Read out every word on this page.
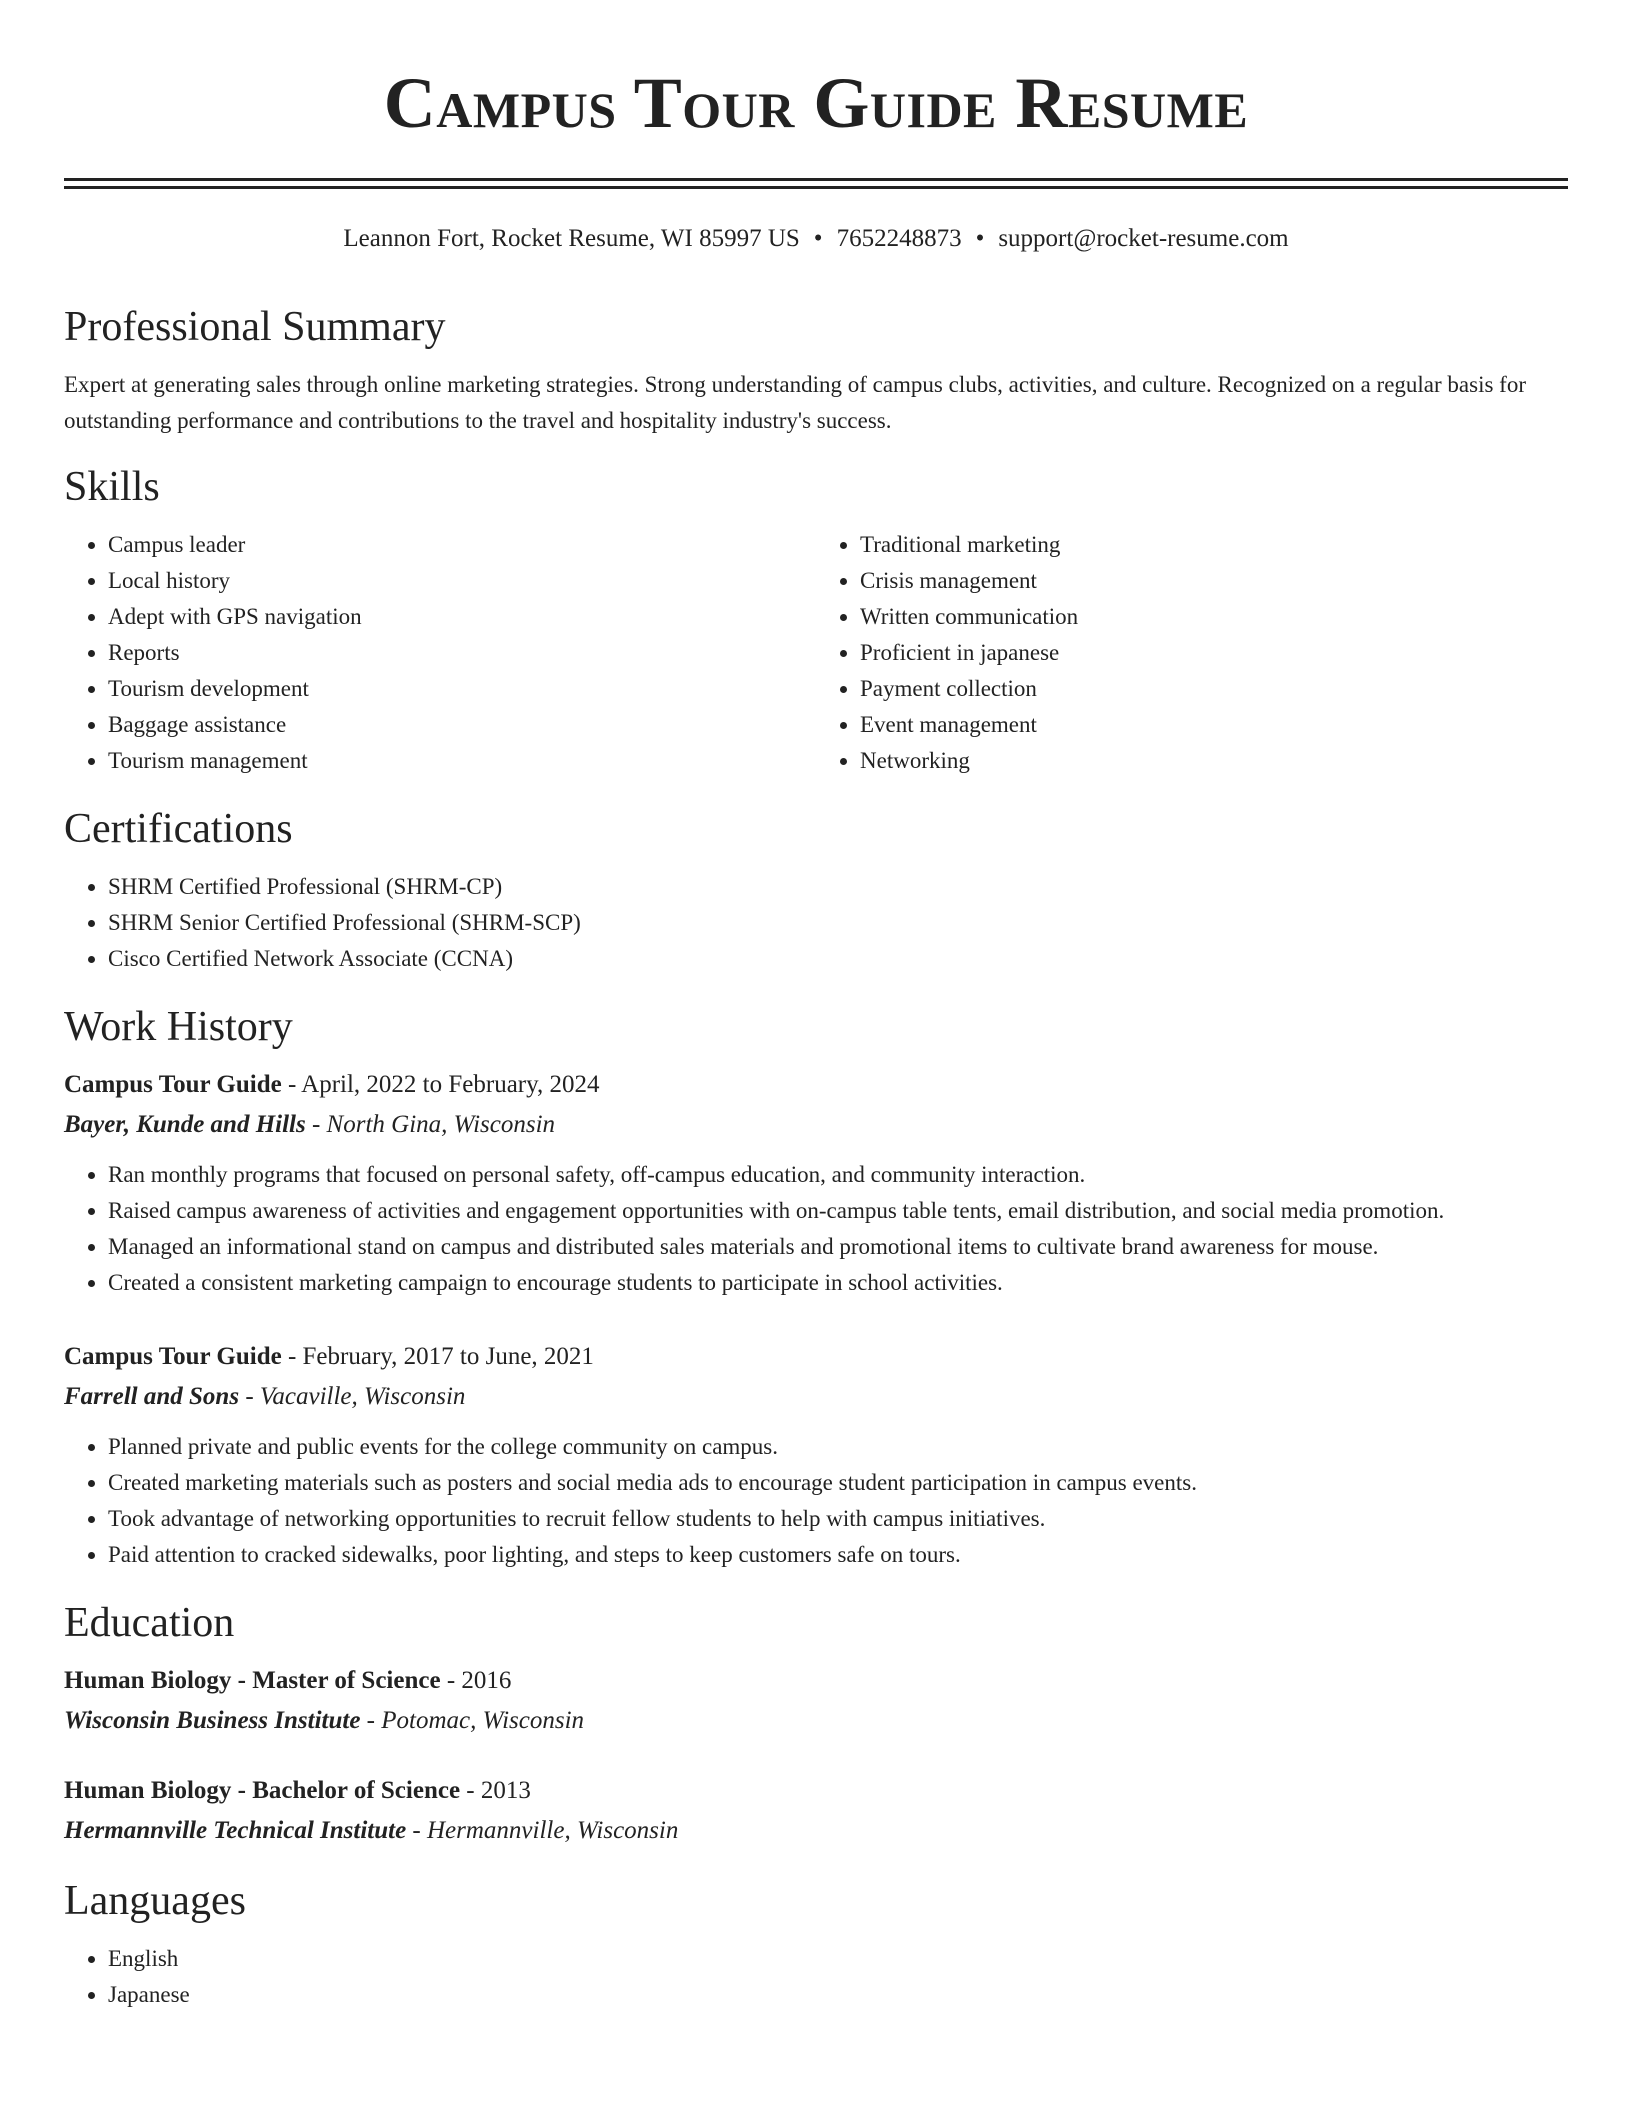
Campus Tour Guide Resume
Leannon Fort, Rocket Resume, WI 85997 US • 7652248873 • support@rocket-resume.com
Professional Summary

Expert at generating sales through online marketing strategies. Strong understanding of campus clubs, activities, and culture. Recognized on a regular basis for outstanding performance and contributions to the travel and hospitality industry's success.

Skills
• Campus leader
• Local history
• Adept with GPS navigation
• Reports
• Tourism development
• Baggage assistance
• Tourism management
• Traditional marketing
• Crisis management
• Written communication
• Proficient in japanese
• Payment collection
• Event management
• Networking
Certifications
• SHRM Certified Professional (SHRM-CP)
• SHRM Senior Certified Professional (SHRM-SCP)
• Cisco Certified Network Associate (CCNA)
Work History
Campus Tour Guide - April, 2022 to February, 2024
Bayer, Kunde and Hills - North Gina, Wisconsin
• Ran monthly programs that focused on personal safety, off-campus education, and community interaction.
• Raised campus awareness of activities and engagement opportunities with on-campus table tents, email distribution, and social media promotion.
• Managed an informational stand on campus and distributed sales materials and promotional items to cultivate brand awareness for mouse.
• Created a consistent marketing campaign to encourage students to participate in school activities.
Campus Tour Guide - February, 2017 to June, 2021
Farrell and Sons - Vacaville, Wisconsin
• Planned private and public events for the college community on campus.
• Created marketing materials such as posters and social media ads to encourage student participation in campus events.
• Took advantage of networking opportunities to recruit fellow students to help with campus initiatives.
• Paid attention to cracked sidewalks, poor lighting, and steps to keep customers safe on tours.
Education
Human Biology - Master of Science - 2016
Wisconsin Business Institute - Potomac, Wisconsin
Human Biology - Bachelor of Science - 2013
Hermannville Technical Institute - Hermannville, Wisconsin
Languages
• English
• Japanese
